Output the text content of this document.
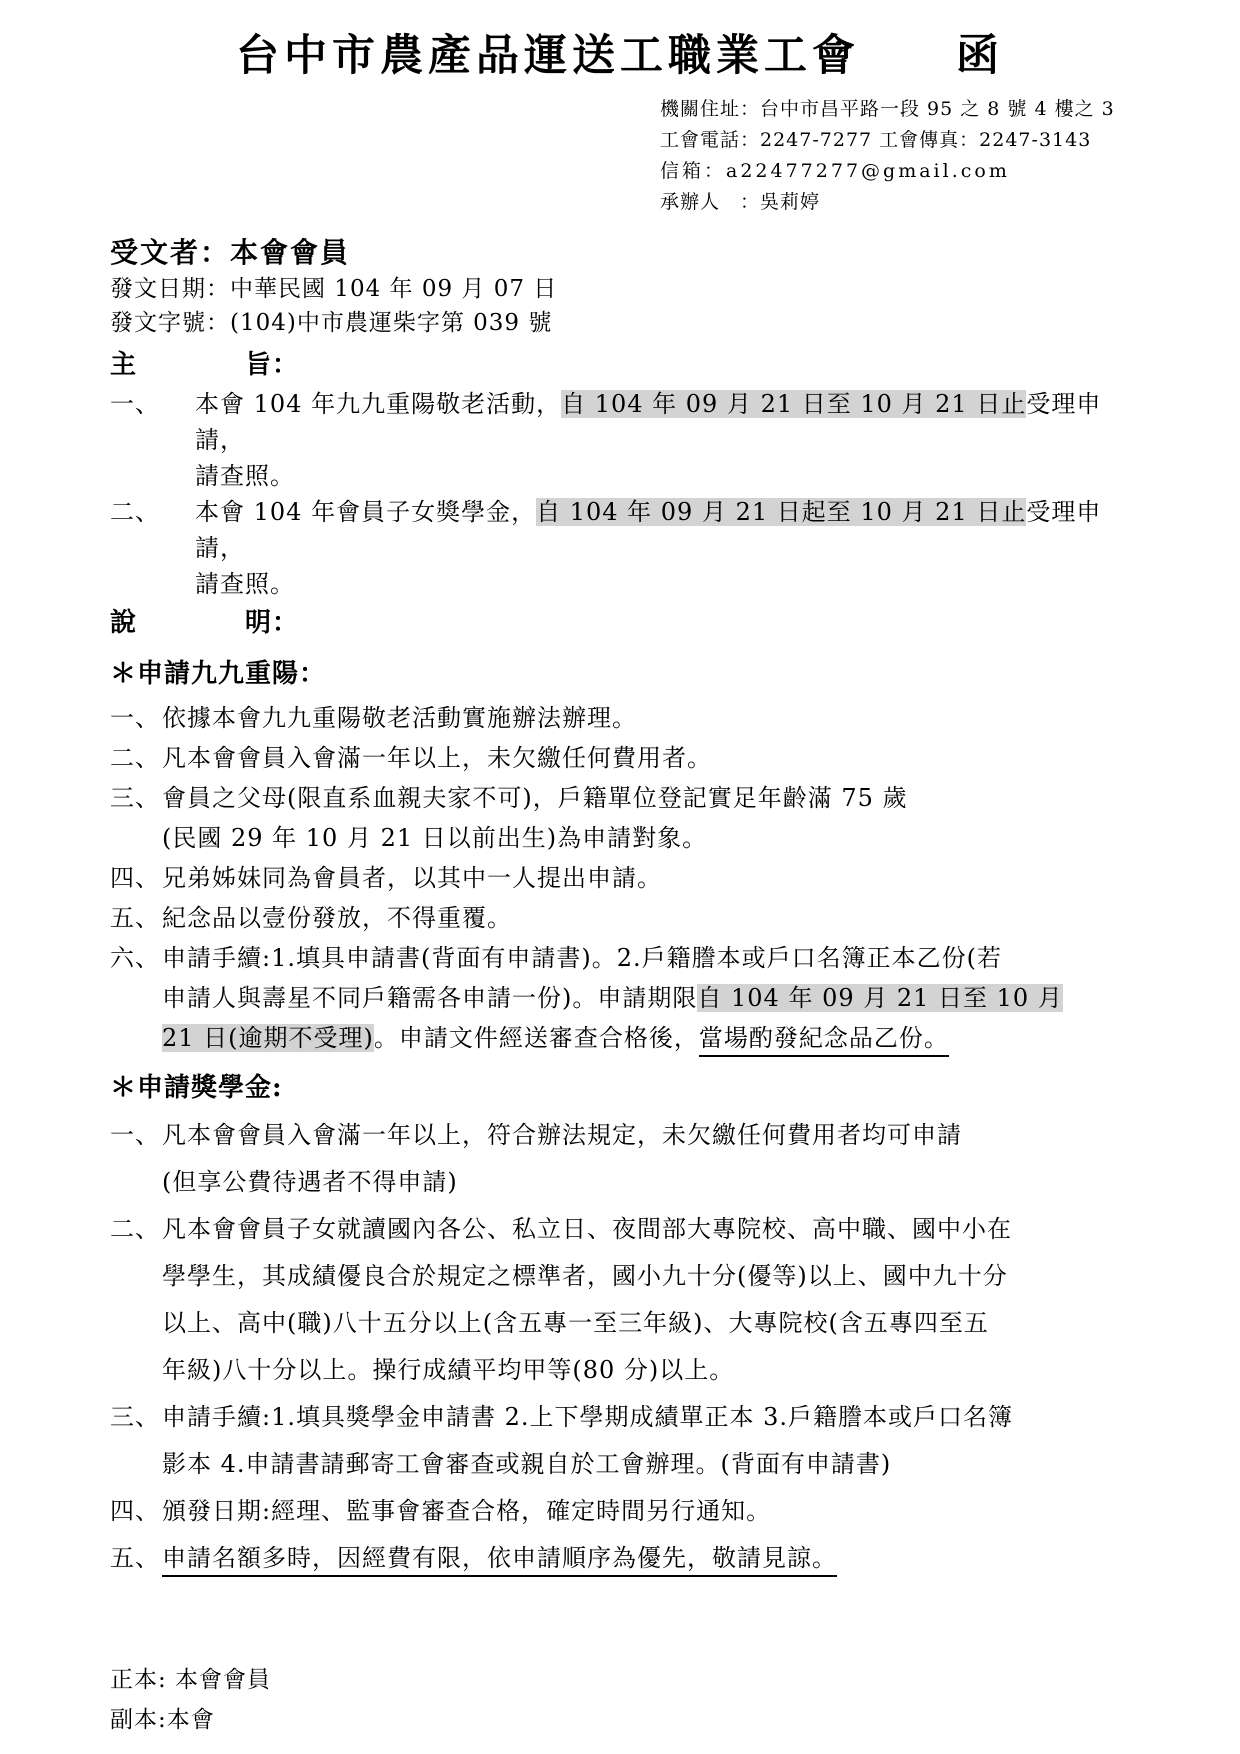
台中市農產品運送工職業工會　　函
機關住址：台中市昌平路一段 95 之 8 號 4 樓之 3
工會電話：2247-7277 工會傳真：2247-3143
信箱：a22477277@gmail.com
承辦人　：吳莉婷
受文者：本會會員
發文日期：中華民國 104 年 09 月 07 日
發文字號：(104)中市農運柴字第 039 號

主　　　　旨：

一、 本會 104 年九九重陽敬老活動，自 104 年 09 月 21 日至 10 月 21 日止受理申請，
請查照。

二、 本會 104 年會員子女獎學金，自 104 年 09 月 21 日起至 10 月 21 日止受理申請，
請查照。

說　　　　明：

＊申請九九重陽：

一、依據本會九九重陽敬老活動實施辦法辦理。

二、凡本會會員入會滿一年以上，未欠繳任何費用者。

三、會員之父母(限直系血親夫家不可)，戶籍單位登記實足年齡滿 75 歲
(民國 29 年 10 月 21 日以前出生)為申請對象。

四、兄弟姊妹同為會員者，以其中一人提出申請。

五、紀念品以壹份發放，不得重覆。

六、申請手續:1.填具申請書(背面有申請書)。2.戶籍謄本或戶口名簿正本乙份(若
申請人與壽星不同戶籍需各申請一份)。申請期限自 104 年 09 月 21 日至 10 月
21 日(逾期不受理)。申請文件經送審查合格後，當場酌發紀念品乙份。

＊申請獎學金:

一、凡本會會員入會滿一年以上，符合辦法規定，未欠繳任何費用者均可申請
(但享公費待遇者不得申請)

二、凡本會會員子女就讀國內各公、私立日、夜間部大專院校、高中職、國中小在
學學生，其成績優良合於規定之標準者，國小九十分(優等)以上、國中九十分
以上、高中(職)八十五分以上(含五專一至三年級)、大專院校(含五專四至五
年級)八十分以上。操行成績平均甲等(80 分)以上。

三、申請手續:1.填具獎學金申請書 2.上下學期成績單正本 3.戶籍謄本或戶口名簿
影本 4.申請書請郵寄工會審查或親自於工會辦理。(背面有申請書)

四、頒發日期:經理、監事會審查合格，確定時間另行通知。

五、申請名額多時，因經費有限，依申請順序為優先，敬請見諒。

正本: 本會會員
副本:本會
